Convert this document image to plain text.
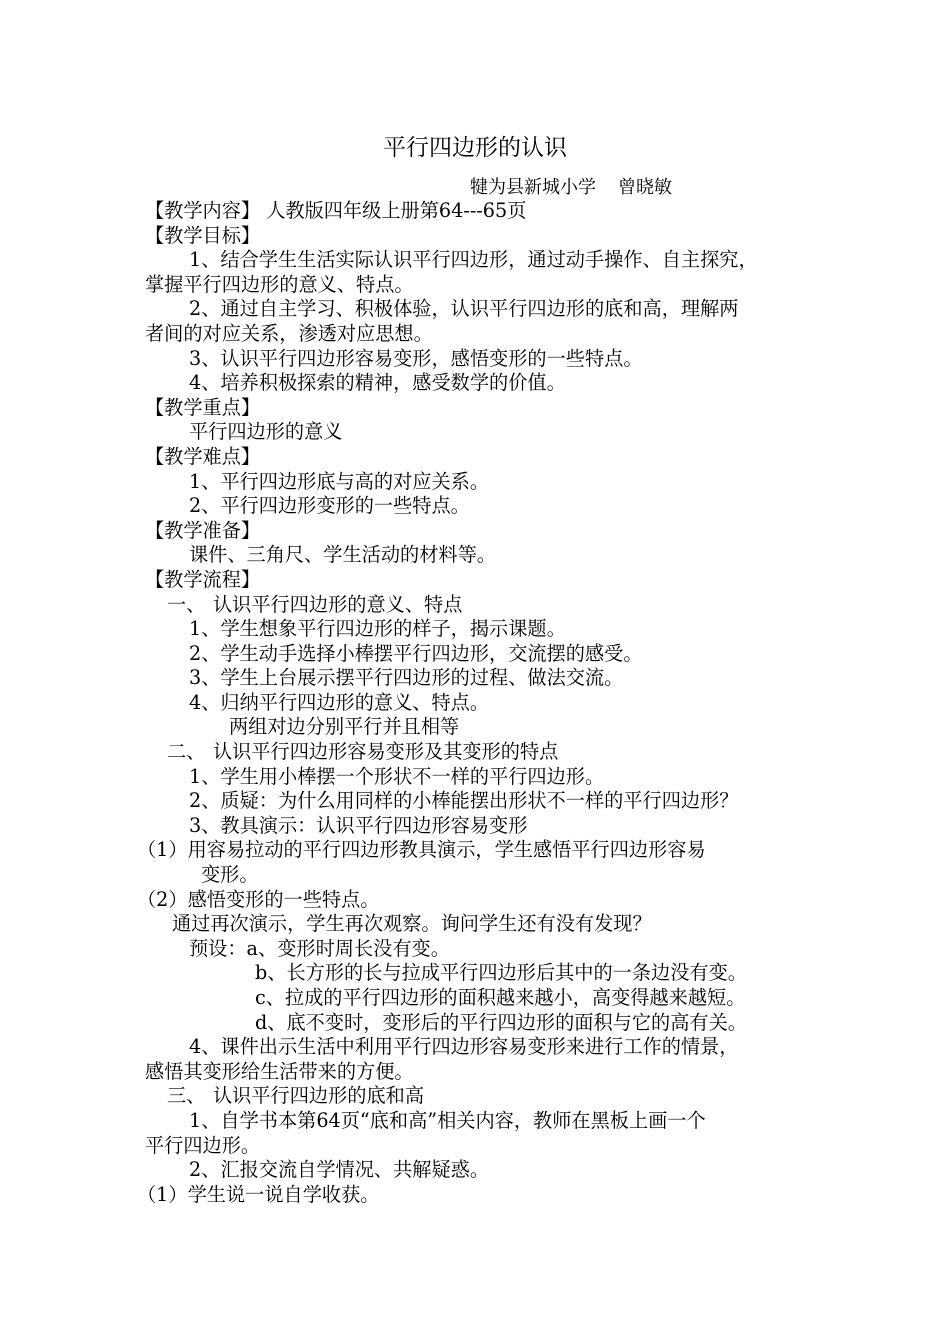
平行四边形的认识
犍为县新城小学 曾晓敏
【教学内容】 人教版四年级上册第64---65页
【教学目标】
1、结合学生生活实际认识平行四边形，通过动手操作、自主探究，
掌握平行四边形的意义、特点。
2、通过自主学习、积极体验，认识平行四边形的底和高，理解两
者间的对应关系，渗透对应思想。
3、认识平行四边形容易变形，感悟变形的一些特点。
4、培养积极探索的精神，感受数学的价值。
【教学重点】
平行四边形的意义
【教学难点】
1、平行四边形底与高的对应关系。
2、平行四边形变形的一些特点。
【教学准备】
课件、三角尺、学生活动的材料等。
【教学流程】
一、 认识平行四边形的意义、特点
1、学生想象平行四边形的样子，揭示课题。
2、学生动手选择小棒摆平行四边形，交流摆的感受。
3、学生上台展示摆平行四边形的过程、做法交流。
4、归纳平行四边形的意义、特点。
两组对边分别平行并且相等
二、 认识平行四边形容易变形及其变形的特点
1、学生用小棒摆一个形状不一样的平行四边形。
2、质疑：为什么用同样的小棒能摆出形状不一样的平行四边形？
3、教具演示：认识平行四边形容易变形
（1）用容易拉动的平行四边形教具演示，学生感悟平行四边形容易
变形。
（2）感悟变形的一些特点。
通过再次演示，学生再次观察。询问学生还有没有发现？
预设：a、变形时周长没有变。
b、长方形的长与拉成平行四边形后其中的一条边没有变。
c、拉成的平行四边形的面积越来越小，高变得越来越短。
d、底不变时，变形后的平行四边形的面积与它的高有关。
4、课件出示生活中利用平行四边形容易变形来进行工作的情景，
感悟其变形给生活带来的方便。
三、 认识平行四边形的底和高
1、自学书本第64页“底和高”相关内容，教师在黑板上画一个
平行四边形。
2、汇报交流自学情况、共解疑惑。
（1）学生说一说自学收获。
